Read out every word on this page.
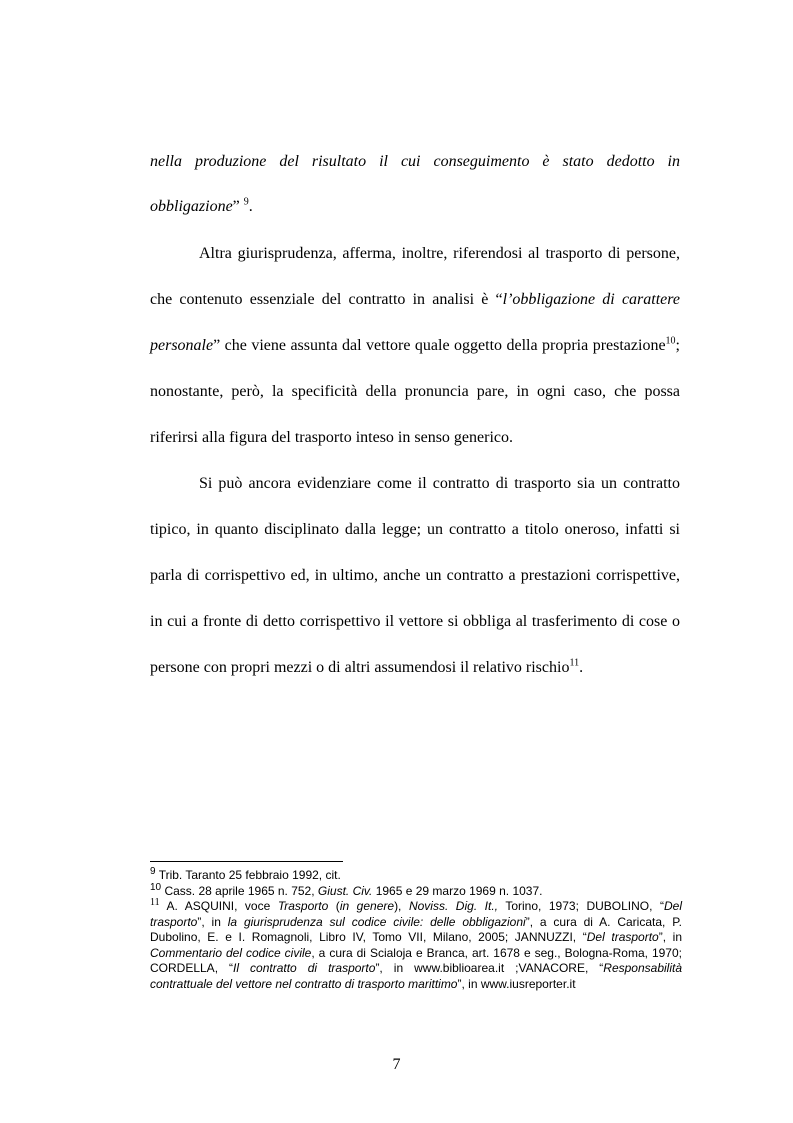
nella produzione del risultato il cui conseguimento è stato dedotto in
obbligazione” $^9$.
Altra giurisprudenza, afferma, inoltre, riferendosi al trasporto di persone,
che contenuto essenziale del contratto in analisi è “l’obbligazione di carattere
personale” che viene assunta dal vettore quale oggetto della propria prestazione$^{10}$;
nonostante, però, la specificità della pronuncia pare, in ogni caso, che possa
riferirsi alla figura del trasporto inteso in senso generico.
Si può ancora evidenziare come il contratto di trasporto sia un contratto
tipico, in quanto disciplinato dalla legge; un contratto a titolo oneroso, infatti si
parla di corrispettivo ed, in ultimo, anche un contratto a prestazioni corrispettive,
in cui a fronte di detto corrispettivo il vettore si obbliga al trasferimento di cose o
persone con propri mezzi o di altri assumendosi il relativo rischio$^{11}$.
$^9$ Trib. Taranto 25 febbraio 1992, cit.
$^{10}$ Cass. 28 aprile 1965 n. 752, Giust. Civ. 1965 e 29 marzo 1969 n. 1037.
$^{11}$ A. ASQUINI, voce Trasporto (in genere), Noviss. Dig. It., Torino, 1973; DUBOLINO, “Del
trasporto”, in la giurisprudenza sul codice civile: delle obbligazioni”, a cura di A. Caricata, P.
Dubolino, E. e I. Romagnoli, Libro IV, Tomo VII, Milano, 2005; JANNUZZI, “Del trasporto”, in
Commentario del codice civile, a cura di Scialoja e Branca, art. 1678 e seg., Bologna-Roma, 1970;
CORDELLA, “Il contratto di trasporto”, in www.biblioarea.it ;VANACORE, “Responsabilità
contrattuale del vettore nel contratto di trasporto marittimo”, in www.iusreporter.it
7
